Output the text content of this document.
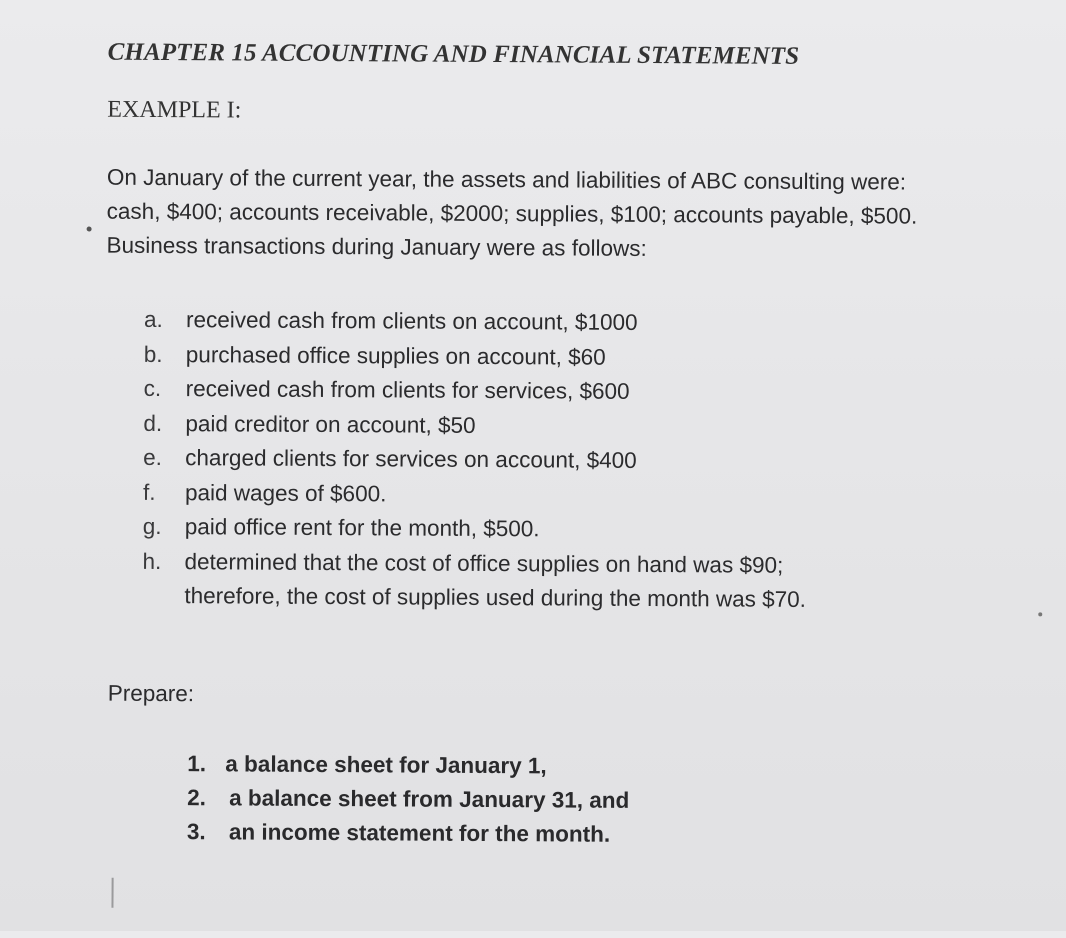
CHAPTER 15 ACCOUNTING AND FINANCIAL STATEMENTS
EXAMPLE I:
On January of the current year, the assets and liabilities of ABC consulting were:
cash, $400; accounts receivable, $2000; supplies, $100; accounts payable, $500.
Business transactions during January were as follows:
a.	received cash from clients on account, $1000
b.	purchased office supplies on account, $60
c.	received cash from clients for services, $600
d.	paid creditor on account, $50
e.	charged clients for services on account, $400
f.	paid wages of $600.
g.	paid office rent for the month, $500.
h.	determined that the cost of office supplies on hand was $90;
therefore, the cost of supplies used during the month was $70.
Prepare:
1. a balance sheet for January 1,
2.	a balance sheet from January 31, and
3.	an income statement for the month.
